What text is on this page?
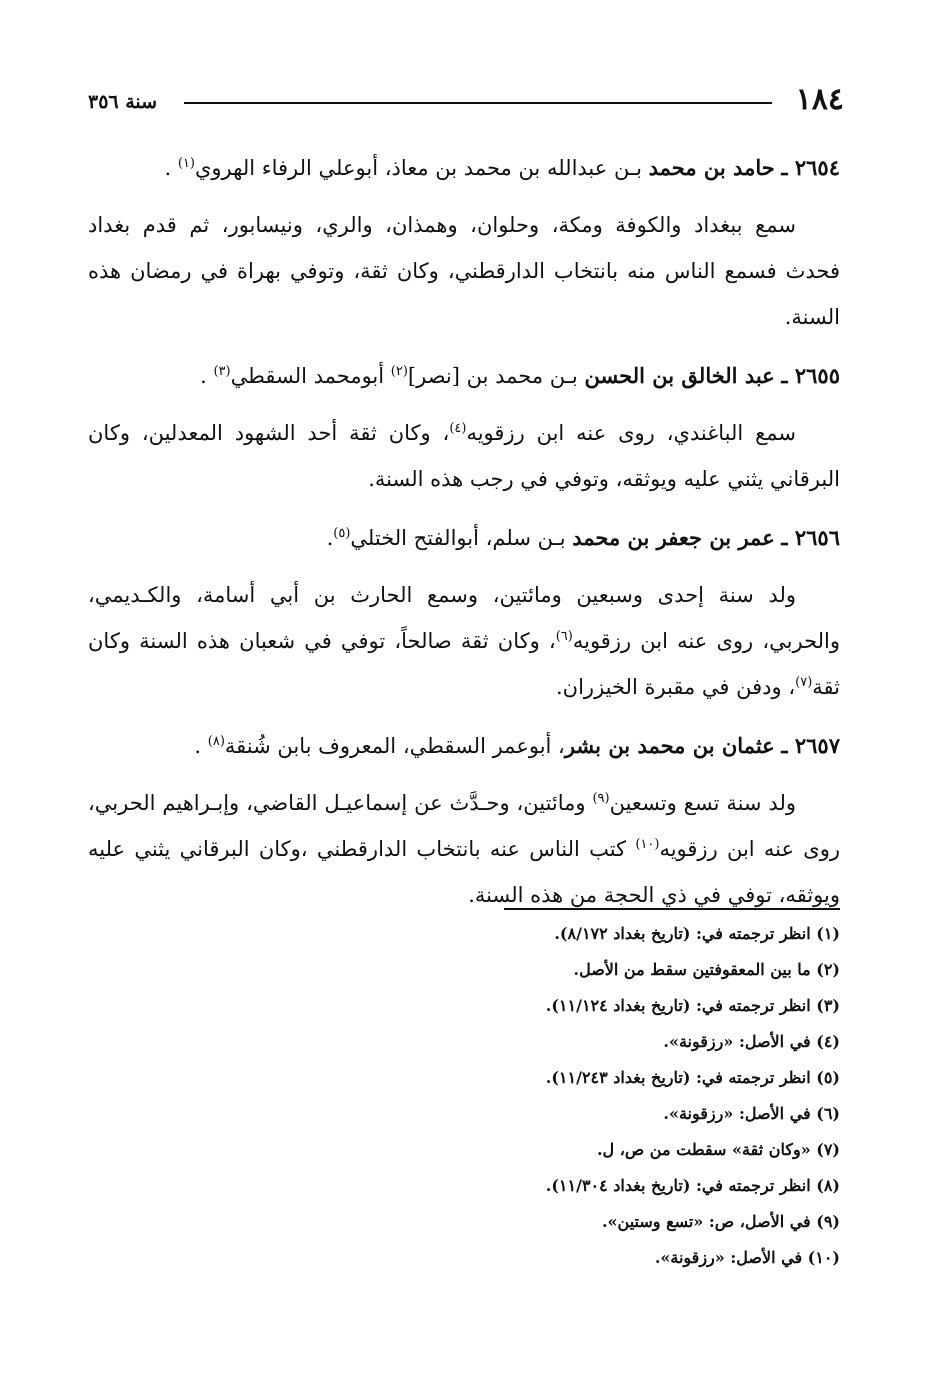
١٨٤
سنة ٣٥٦

٢٦٥٤ ـ حامد بن محمد بـن عبدالله بن محمد بن معاذ، أبوعلي الرفاء الهروي$^{(١)}$ .

سمع ببغداد والكوفة ومكة، وحلوان، وهمذان، والري، ونيسابور، ثم قدم بغداد فحدث فسمع الناس منه بانتخاب الدارقطني، وكان ثقة، وتوفي بهراة في رمضان هذه السنة.

٢٦٥٥ ـ عبد الخالق بن الحسن بـن محمد بن [نصر]$^{(٢)}$ أبومحمد السقطي$^{(٣)}$ .

سمع الباغندي، روى عنه ابن رزقويه$^{(٤)}$، وكان ثقة أحد الشهود المعدلين، وكان البرقاني يثني عليه ويوثقه، وتوفي في رجب هذه السنة.

٢٦٥٦ ـ عمر بن جعفر بن محمد بـن سلم، أبوالفتح الختلي$^{(٥)}$.

ولد سنة إحدى وسبعين ومائتين، وسمع الحارث بن أبي أسامة، والكـديمي، والحربي، روى عنه ابن رزقويه$^{(٦)}$، وكان ثقة صالحاً، توفي في شعبان هذه السنة وكان ثقة$^{(٧)}$، ودفن في مقبرة الخيزران.

٢٦٥٧ ـ عثمان بن محمد بن بشر، أبوعمر السقطي، المعروف بابن شُنقة$^{(٨)}$ .

ولد سنة تسع وتسعين$^{(٩)}$ ومائتين، وحـدَّث عن إسماعيـل القاضي، وإبـراهيم الحربي، روى عنه ابن رزقويه$^{(١٠)}$ كتب الناس عنه بانتخاب الدارقطني ،وكان البرقاني يثني عليه ويوثقه، توفي في ذي الحجة من هذه السنة.

(١) انظر ترجمته في: (تاريخ بغداد ٨/١٧٢).
(٢) ما بين المعقوفتين سقط من الأصل.
(٣) انظر ترجمته في: (تاريخ بغداد ١١/١٢٤).
(٤) في الأصل: «رزقونة».
(٥) انظر ترجمته في: (تاريخ بغداد ١١/٢٤٣).
(٦) في الأصل: «رزقونة».
(٧) «وكان ثقة» سقطت من ص، ل.
(٨) انظر ترجمته في: (تاريخ بغداد ١١/٣٠٤).
(٩) في الأصل، ص: «تسع وستين».
(١٠) في الأصل: «رزقونة».
